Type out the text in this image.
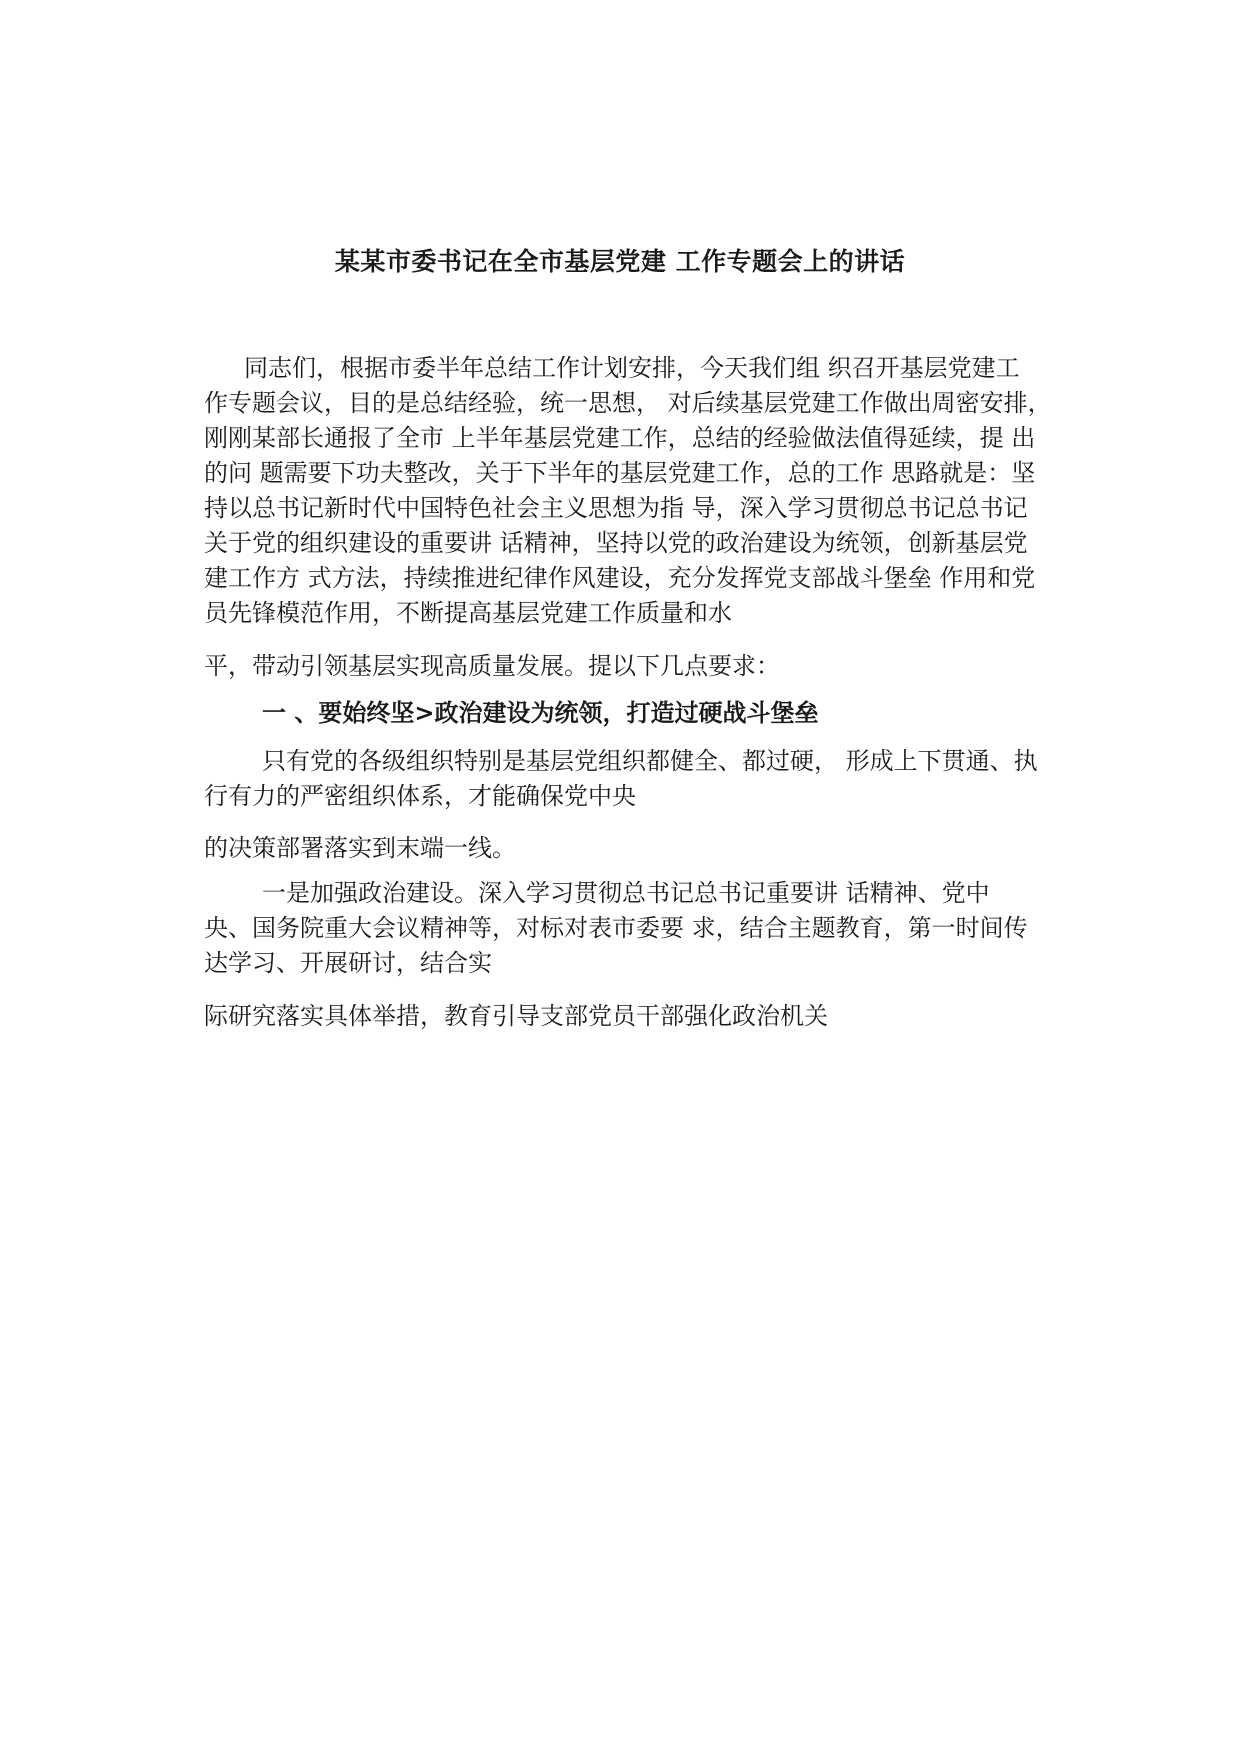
某某市委书记在全市基层党建 工作专题会上的讲话

同志们，根据市委半年总结工作计划安排，今天我们组 织召开基层党建工

作专题会议，目的是总结经验，统一思想， 对后续基层党建工作做出周密安排，

刚刚某部长通报了全市 上半年基层党建工作，总结的经验做法值得延续，提 出

的问 题需要下功夫整改，关于下半年的基层党建工作，总的工作 思路就是：坚

持以总书记新时代中国特色社会主义思想为指 导，深入学习贯彻总书记总书记

关于党的组织建设的重要讲 话精神，坚持以党的政治建设为统领，创新基层党

建工作方 式方法，持续推进纪律作风建设，充分发挥党支部战斗堡垒 作用和党

员先锋模范作用，不断提高基层党建工作质量和水

平，带动引领基层实现高质量发展。提以下几点要求：

一 、要始终坚>政治建设为统领，打造过硬战斗堡垒

只有党的各级组织特别是基层党组织都健全、都过硬， 形成上下贯通、执

行有力的严密组织体系，才能确保党中央

的决策部署落实到末端一线。

一是加强政治建设。深入学习贯彻总书记总书记重要讲 话精神、党中

央、国务院重大会议精神等，对标对表市委要 求，结合主题教育，第一时间传

达学习、开展研讨，结合实

际研究落实具体举措，教育引导支部党员干部强化政治机关
